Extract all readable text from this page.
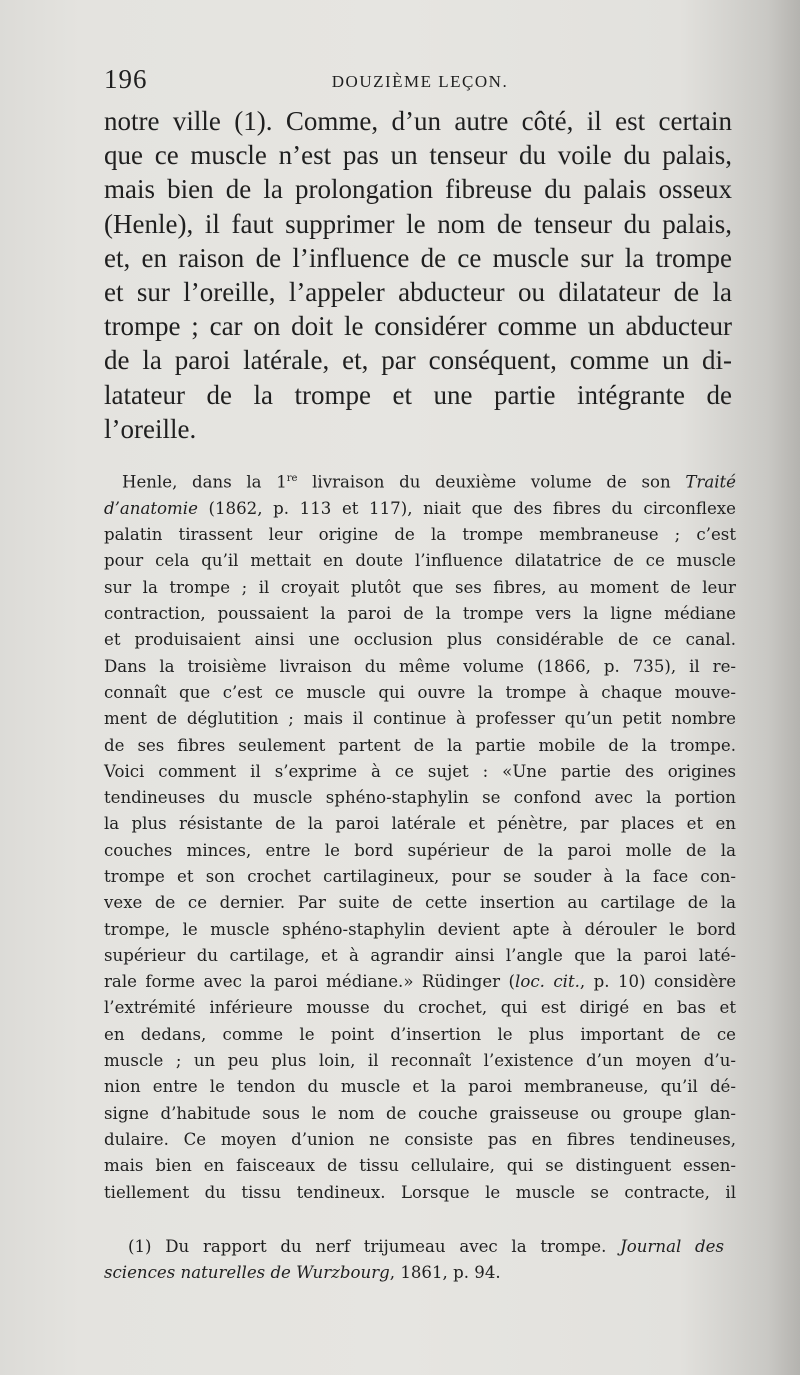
196	DOUZIÈME LEÇON.
notre ville (1). Comme, d’un autre côté, il est certain
que ce muscle n’est pas un tenseur du voile du palais,
mais bien de la prolongation fibreuse du palais osseux
(Henle), il faut supprimer le nom de tenseur du palais,
et, en raison de l’influence de ce muscle sur la trompe
et sur l’oreille, l’appeler abducteur ou dilatateur de la
trompe ; car on doit le considérer comme un abducteur
de la paroi latérale, et, par conséquent, comme un di-
latateur de la trompe et une partie intégrante de
l’oreille.
Henle, dans la 1re livraison du deuxième volume de son Traité
d’anatomie (1862, p. 113 et 117), niait que des fibres du circonflexe
palatin tirassent leur origine de la trompe membraneuse ; c’est
pour cela qu’il mettait en doute l’influence dilatatrice de ce muscle
sur la trompe ; il croyait plutôt que ses fibres, au moment de leur
contraction, poussaient la paroi de la trompe vers la ligne médiane
et produisaient ainsi une occlusion plus considérable de ce canal.
Dans la troisième livraison du même volume (1866, p. 735), il re-
connaît que c’est ce muscle qui ouvre la trompe à chaque mouve-
ment de déglutition ; mais il continue à professer qu’un petit nombre
de ses fibres seulement partent de la partie mobile de la trompe.
Voici comment il s’exprime à ce sujet : «Une partie des origines
tendineuses du muscle sphéno-staphylin se confond avec la portion
la plus résistante de la paroi latérale et pénètre, par places et en
couches minces, entre le bord supérieur de la paroi molle de la
trompe et son crochet cartilagineux, pour se souder à la face con-
vexe de ce dernier. Par suite de cette insertion au cartilage de la
trompe, le muscle sphéno-staphylin devient apte à dérouler le bord
supérieur du cartilage, et à agrandir ainsi l’angle que la paroi laté-
rale forme avec la paroi médiane.» Rüdinger (loc. cit., p. 10) considère
l’extrémité inférieure mousse du crochet, qui est dirigé en bas et
en dedans, comme le point d’insertion le plus important de ce
muscle ; un peu plus loin, il reconnaît l’existence d’un moyen d’u-
nion entre le tendon du muscle et la paroi membraneuse, qu’il dé-
signe d’habitude sous le nom de couche graisseuse ou groupe glan-
dulaire. Ce moyen d’union ne consiste pas en fibres tendineuses,
mais bien en faisceaux de tissu cellulaire, qui se distinguent essen-
tiellement du tissu tendineux. Lorsque le muscle se contracte, il
(1) Du rapport du nerf trijumeau avec la trompe. Journal des
sciences naturelles de Wurzbourg, 1861, p. 94.
